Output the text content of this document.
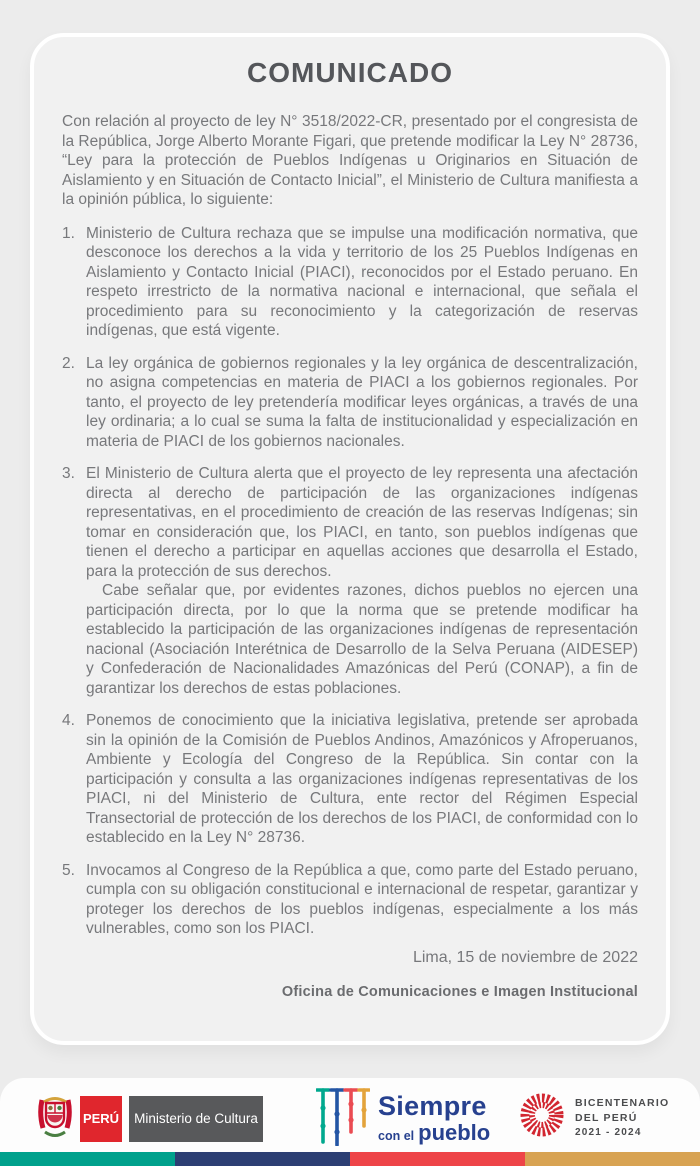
COMUNICADO

Con relación al proyecto de ley N° 3518/2022-CR, presentado por el congresista de la República, Jorge Alberto Morante Figari, que pretende modificar la Ley N° 28736, “Ley para la protección de Pueblos Indígenas u Originarios en Situación de Aislamiento y en Situación de Contacto Inicial”, el Ministerio de Cultura manifiesta a la opinión pública, lo siguiente:

1. Ministerio de Cultura rechaza que se impulse una modificación normativa, que desconoce los derechos a la vida y territorio de los 25 Pueblos Indígenas en Aislamiento y Contacto Inicial (PIACI), reconocidos por el Estado peruano. En respeto irrestricto de la normativa nacional e internacional, que señala el procedimiento para su reconocimiento y la categorización de reservas indígenas, que está vigente.

2. La ley orgánica de gobiernos regionales y la ley orgánica de descentralización, no asigna competencias en materia de PIACI a los gobiernos regionales. Por tanto, el proyecto de ley pretendería modificar leyes orgánicas, a través de una ley ordinaria; a lo cual se suma la falta de institucionalidad y especialización en materia de PIACI de los gobiernos nacionales.

3. El Ministerio de Cultura alerta que el proyecto de ley representa una afectación directa al derecho de participación de las organizaciones indígenas representativas, en el procedimiento de creación de las reservas Indígenas; sin tomar en consideración que, los PIACI, en tanto, son pueblos indígenas que tienen el derecho a participar en aquellas acciones que desarrolla el Estado, para la protección de sus derechos.

Cabe señalar que, por evidentes razones, dichos pueblos no ejercen una participación directa, por lo que la norma que se pretende modificar ha establecido la participación de las organizaciones indígenas de representación nacional (Asociación Interétnica de Desarrollo de la Selva Peruana (AIDESEP) y Confederación de Nacionalidades Amazónicas del Perú (CONAP), a fin de garantizar los derechos de estas poblaciones.

4. Ponemos de conocimiento que la iniciativa legislativa, pretende ser aprobada sin la opinión de la Comisión de Pueblos Andinos, Amazónicos y Afroperuanos, Ambiente y Ecología del Congreso de la República. Sin contar con la participación y consulta a las organizaciones indígenas representativas de los PIACI, ni del Ministerio de Cultura, ente rector del Régimen Especial Transectorial de protección de los derechos de los PIACI, de conformidad con lo establecido en la Ley N° 28736.

5. Invocamos al Congreso de la República a que, como parte del Estado peruano, cumpla con su obligación constitucional e internacional de respetar, garantizar y proteger los derechos de los pueblos indígenas, especialmente a los más vulnerables, como son los PIACI.

Lima, 15 de noviembre de 2022
Oficina de Comunicaciones e Imagen Institucional
PERÚ	Ministerio de Cultura	Siempre
con el pueblo
BICENTENARIO
DEL PERÚ
2021 - 2024
